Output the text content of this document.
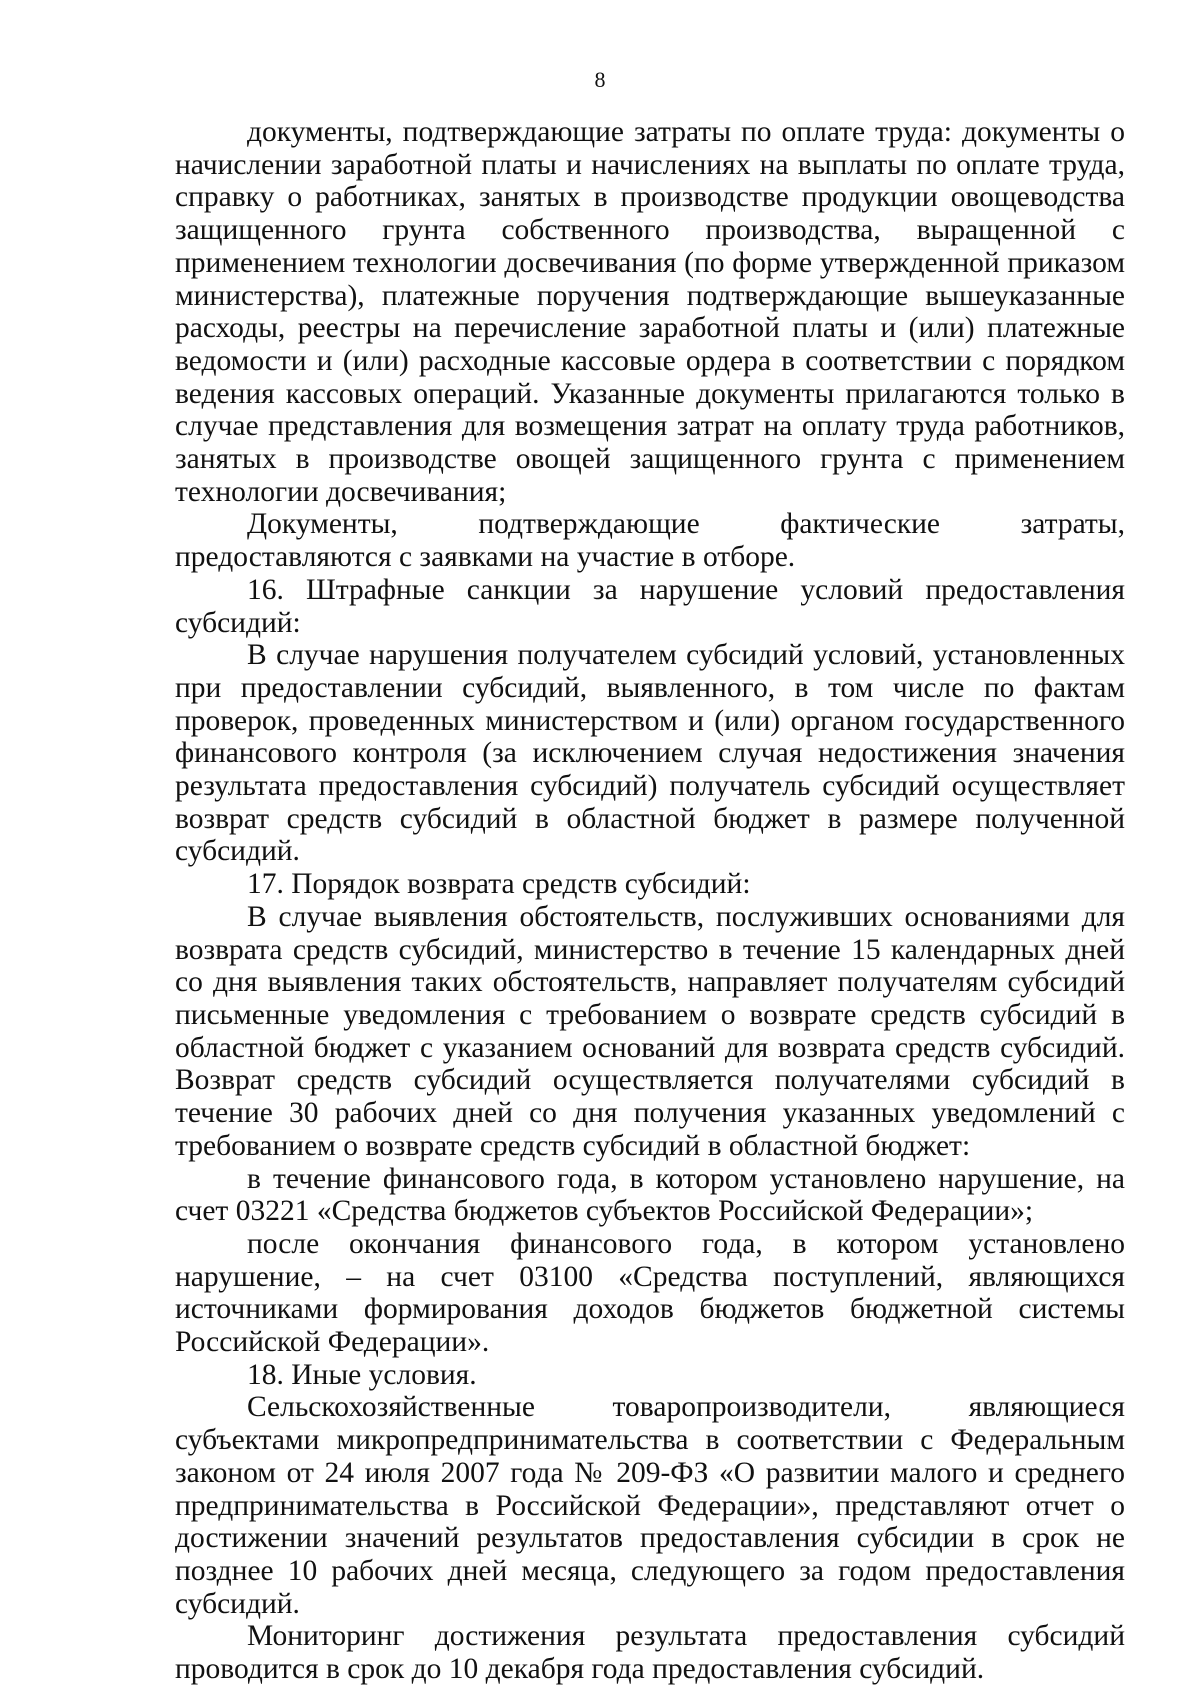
8

документы, подтверждающие затраты по оплате труда: документы о начислении заработной платы и начислениях на выплаты по оплате труда, справку о работниках, занятых в производстве продукции овощеводства защищенного грунта собственного производства, выращенной с применением технологии досвечивания (по форме утвержденной приказом министерства), платежные поручения подтверждающие вышеуказанные расходы, реестры на перечисление заработной платы и (или) платежные ведомости и (или) расходные кассовые ордера в соответствии с порядком ведения кассовых операций. Указанные документы прилагаются только в случае представления для возмещения затрат на оплату труда работников, занятых в производстве овощей защищенного грунта с применением технологии досвечивания;

Документы, подтверждающие фактические затраты, предоставляются с заявками на участие в отборе.

16. Штрафные санкции за нарушение условий предоставления субсидий:

В случае нарушения получателем субсидий условий, установленных при предоставлении субсидий, выявленного, в том числе по фактам проверок, проведенных министерством и (или) органом государственного финансового контроля (за исключением случая недостижения значения результата предоставления субсидий) получатель субсидий осуществляет возврат средств субсидий в областной бюджет в размере полученной субсидий.

17. Порядок возврата средств субсидий:

В случае выявления обстоятельств, послуживших основаниями для возврата средств субсидий, министерство в течение 15 календарных дней со дня выявления таких обстоятельств, направляет получателям субсидий письменные уведомления с требованием о возврате средств субсидий в областной бюджет с указанием оснований для возврата средств субсидий. Возврат средств субсидий осуществляется получателями субсидий в течение 30 рабочих дней со дня получения указанных уведомлений с требованием о возврате средств субсидий в областной бюджет:

в течение финансового года, в котором установлено нарушение, на счет 03221 «Средства бюджетов субъектов Российской Федерации»;

после окончания финансового года, в котором установлено нарушение, – на счет 03100 «Средства поступлений, являющихся источниками формирования доходов бюджетов бюджетной системы Российской Федерации».

18. Иные условия.

Сельскохозяйственные товаропроизводители, являющиеся субъектами микропредпринимательства в соответствии с Федеральным законом от 24 июля 2007 года № 209-ФЗ «О развитии малого и среднего предпринимательства в Российской Федерации», представляют отчет о достижении значений результатов предоставления субсидии в срок не позднее 10 рабочих дней месяца, следующего за годом предоставления субсидий.

Мониторинг достижения результата предоставления субсидий проводится в срок до 10 декабря года предоставления субсидий.
